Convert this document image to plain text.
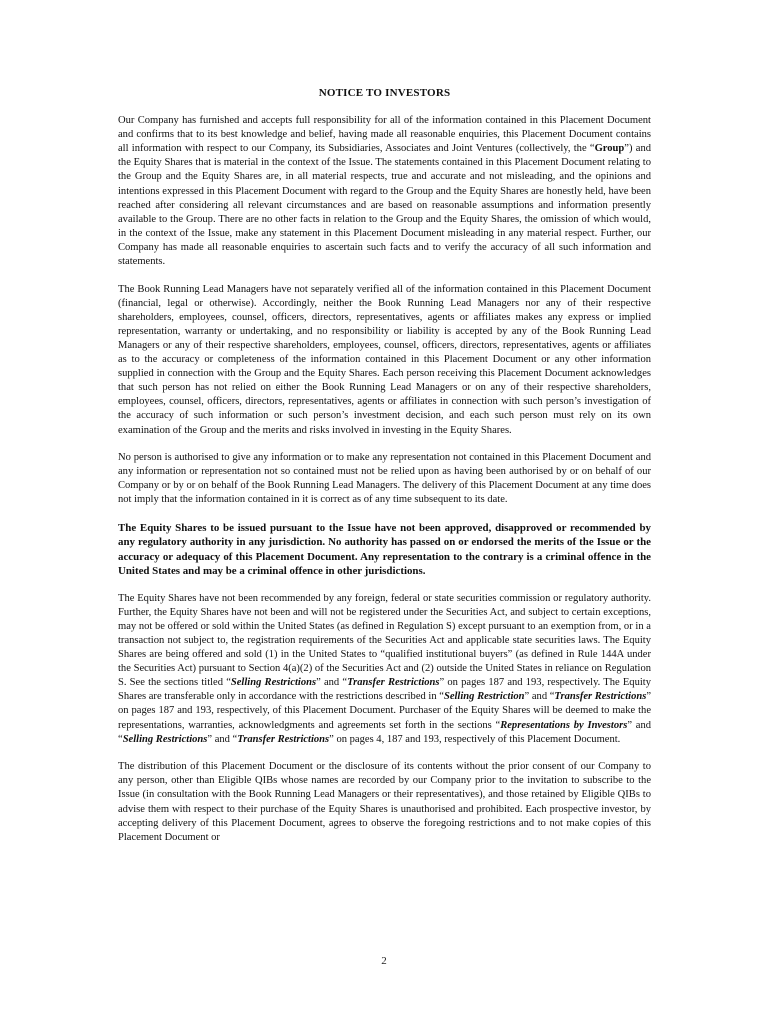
NOTICE TO INVESTORS

Our Company has furnished and accepts full responsibility for all of the information contained in this Placement Document and confirms that to its best knowledge and belief, having made all reasonable enquiries, this Placement Document contains all information with respect to our Company, its Subsidiaries, Associates and Joint Ventures (collectively, the “Group”) and the Equity Shares that is material in the context of the Issue. The statements contained in this Placement Document relating to the Group and the Equity Shares are, in all material respects, true and accurate and not misleading, and the opinions and intentions expressed in this Placement Document with regard to the Group and the Equity Shares are honestly held, have been reached after considering all relevant circumstances and are based on reasonable assumptions and information presently available to the Group. There are no other facts in relation to the Group and the Equity Shares, the omission of which would, in the context of the Issue, make any statement in this Placement Document misleading in any material respect. Further, our Company has made all reasonable enquiries to ascertain such facts and to verify the accuracy of all such information and statements.

The Book Running Lead Managers have not separately verified all of the information contained in this Placement Document (financial, legal or otherwise). Accordingly, neither the Book Running Lead Managers nor any of their respective shareholders, employees, counsel, officers, directors, representatives, agents or affiliates makes any express or implied representation, warranty or undertaking, and no responsibility or liability is accepted by any of the Book Running Lead Managers or any of their respective shareholders, employees, counsel, officers, directors, representatives, agents or affiliates as to the accuracy or completeness of the information contained in this Placement Document or any other information supplied in connection with the Group and the Equity Shares. Each person receiving this Placement Document acknowledges that such person has not relied on either the Book Running Lead Managers or on any of their respective shareholders, employees, counsel, officers, directors, representatives, agents or affiliates in connection with such person’s investigation of the accuracy of such information or such person’s investment decision, and each such person must rely on its own examination of the Group and the merits and risks involved in investing in the Equity Shares.

No person is authorised to give any information or to make any representation not contained in this Placement Document and any information or representation not so contained must not be relied upon as having been authorised by or on behalf of our Company or by or on behalf of the Book Running Lead Managers. The delivery of this Placement Document at any time does not imply that the information contained in it is correct as of any time subsequent to its date.

The Equity Shares to be issued pursuant to the Issue have not been approved, disapproved or recommended by any regulatory authority in any jurisdiction. No authority has passed on or endorsed the merits of the Issue or the accuracy or adequacy of this Placement Document. Any representation to the contrary is a criminal offence in the United States and may be a criminal offence in other jurisdictions.

The Equity Shares have not been recommended by any foreign, federal or state securities commission or regulatory authority. Further, the Equity Shares have not been and will not be registered under the Securities Act, and subject to certain exceptions, may not be offered or sold within the United States (as defined in Regulation S) except pursuant to an exemption from, or in a transaction not subject to, the registration requirements of the Securities Act and applicable state securities laws. The Equity Shares are being offered and sold (1) in the United States to “qualified institutional buyers” (as defined in Rule 144A under the Securities Act) pursuant to Section 4(a)(2) of the Securities Act and (2) outside the United States in reliance on Regulation S. See the sections titled “Selling Restrictions” and “Transfer Restrictions” on pages 187 and 193, respectively. The Equity Shares are transferable only in accordance with the restrictions described in “Selling Restriction” and “Transfer Restrictions” on pages 187 and 193, respectively, of this Placement Document. Purchaser of the Equity Shares will be deemed to make the representations, warranties, acknowledgments and agreements set forth in the sections “Representations by Investors” and “Selling Restrictions” and “Transfer Restrictions” on pages 4, 187 and 193, respectively of this Placement Document.

The distribution of this Placement Document or the disclosure of its contents without the prior consent of our Company to any person, other than Eligible QIBs whose names are recorded by our Company prior to the invitation to subscribe to the Issue (in consultation with the Book Running Lead Managers or their representatives), and those retained by Eligible QIBs to advise them with respect to their purchase of the Equity Shares is unauthorised and prohibited. Each prospective investor, by accepting delivery of this Placement Document, agrees to observe the foregoing restrictions and to not make copies of this Placement Document or

2
